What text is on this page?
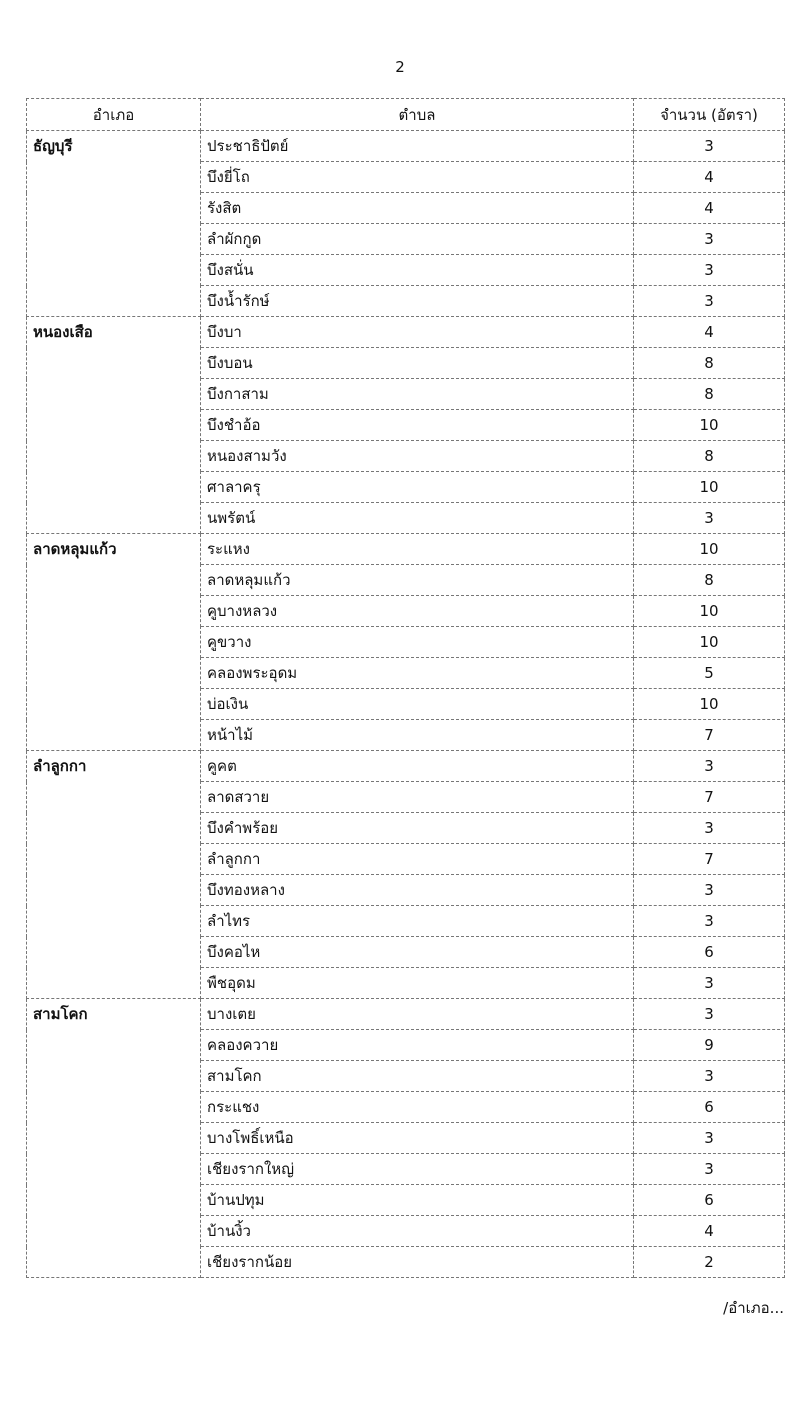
2
อำเภอ	ตำบล	จำนวน (อัตรา)
ธัญบุรี	ประชาธิปัตย์	3
	บึงยี่โถ	4
	รังสิต	4
	ลำผักกูด	3
	บึงสนั่น	3
	บึงน้ำรักษ์	3
หนองเสือ	บึงบา	4
	บึงบอน	8
	บึงกาสาม	8
	บึงชำอ้อ	10
	หนองสามวัง	8
	ศาลาครุ	10
	นพรัตน์	3
ลาดหลุมแก้ว	ระแหง	10
	ลาดหลุมแก้ว	8
	คูบางหลวง	10
	คูขวาง	10
	คลองพระอุดม	5
	บ่อเงิน	10
	หน้าไม้	7
ลำลูกกา	คูคต	3
	ลาดสวาย	7
	บึงคำพร้อย	3
	ลำลูกกา	7
	บึงทองหลาง	3
	ลำไทร	3
	บึงคอไห	6
	พืชอุดม	3
สามโคก	บางเตย	3
	คลองควาย	9
	สามโคก	3
	กระแชง	6
	บางโพธิ์เหนือ	3
	เชียงรากใหญ่	3
	บ้านปทุม	6
	บ้านงิ้ว	4
	เชียงรากน้อย	2
/อำเภอ...
